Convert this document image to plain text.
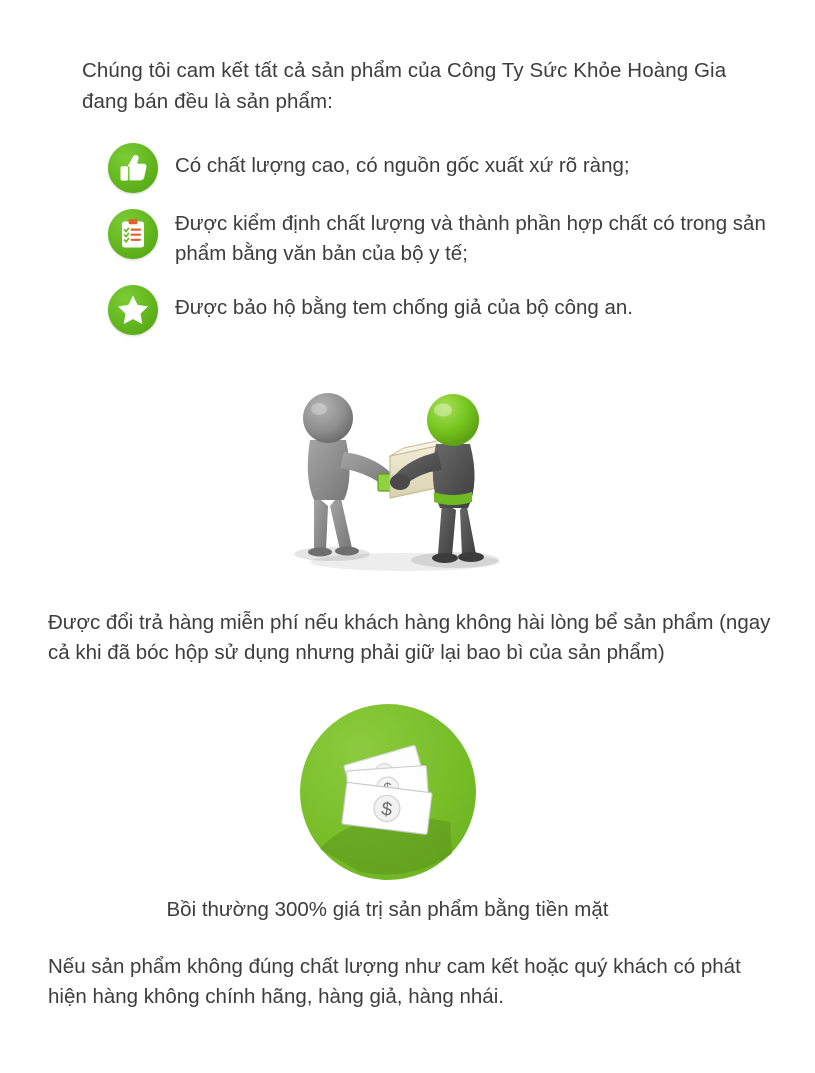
Chúng tôi cam kết tất cả sản phẩm của Công Ty Sức Khỏe Hoàng Gia đang bán đều là sản phẩm:
Có chất lượng cao, có nguồn gốc xuất xứ rõ ràng;
Được kiểm định chất lượng và thành phần hợp chất có trong sản phẩm bằng văn bản của bộ y tế;
Được bảo hộ bằng tem chống giả của bộ công an.
Được đổi trả hàng miễn phí nếu khách hàng không hài lòng bể sản phẩm (ngay cả khi đã bóc hộp sử dụng nhưng phải giữ lại bao bì của sản phẩm)
$
Bồi thường 300% giá trị sản phẩm bằng tiền mặt
Nếu sản phẩm không đúng chất lượng như cam kết hoặc quý khách có phát hiện hàng không chính hãng, hàng giả, hàng nhái.
